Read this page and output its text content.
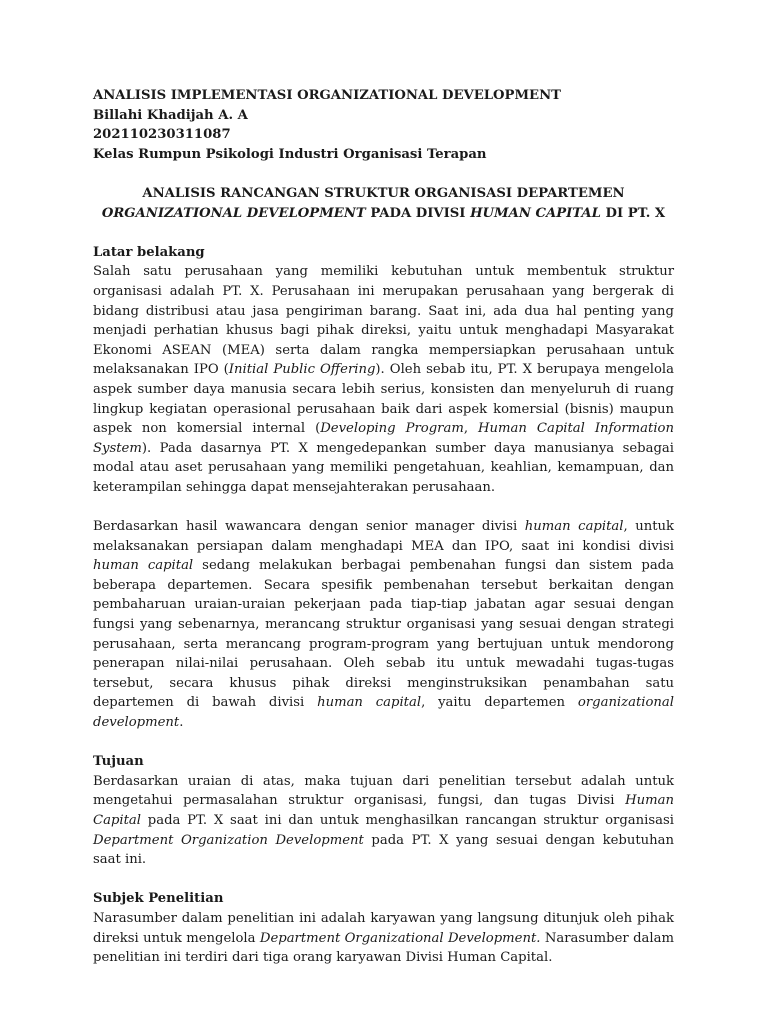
ANALISIS IMPLEMENTASI ORGANIZATIONAL DEVELOPMENT
Billahi Khadijah A. A
202110230311087
Kelas Rumpun Psikologi Industri Organisasi Terapan
ANALISIS RANCANGAN STRUKTUR ORGANISASI DEPARTEMEN ORGANIZATIONAL DEVELOPMENT PADA DIVISI HUMAN CAPITAL DI PT. X
Latar belakang

Salah satu perusahaan yang memiliki kebutuhan untuk membentuk struktur organisasi adalah PT. X. Perusahaan ini merupakan perusahaan yang bergerak di bidang distribusi atau jasa pengiriman barang. Saat ini, ada dua hal penting yang menjadi perhatian khusus bagi pihak direksi, yaitu untuk menghadapi Masyarakat Ekonomi ASEAN (MEA) serta dalam rangka mempersiapkan perusahaan untuk melaksanakan IPO (Initial Public Offering). Oleh sebab itu, PT. X berupaya mengelola aspek sumber daya manusia secara lebih serius, konsisten dan menyeluruh di ruang lingkup kegiatan operasional perusahaan baik dari aspek komersial (bisnis) maupun aspek non komersial internal (Developing Program, Human Capital Information System). Pada dasarnya PT. X mengedepankan sumber daya manusianya sebagai modal atau aset perusahaan yang memiliki pengetahuan, keahlian, kemampuan, dan keterampilan sehingga dapat mensejahterakan perusahaan.

Berdasarkan hasil wawancara dengan senior manager divisi human capital, untuk melaksanakan persiapan dalam menghadapi MEA dan IPO, saat ini kondisi divisi human capital sedang melakukan berbagai pembenahan fungsi dan sistem pada beberapa departemen. Secara spesifik pembenahan tersebut berkaitan dengan pembaharuan uraian-uraian pekerjaan pada tiap-tiap jabatan agar sesuai dengan fungsi yang sebenarnya, merancang struktur organisasi yang sesuai dengan strategi perusahaan, serta merancang program-program yang bertujuan untuk mendorong penerapan nilai-nilai perusahaan. Oleh sebab itu untuk mewadahi tugas-tugas tersebut, secara khusus pihak direksi menginstruksikan penambahan satu departemen di bawah divisi human capital, yaitu departemen organizational development.

Tujuan

Berdasarkan uraian di atas, maka tujuan dari penelitian tersebut adalah untuk mengetahui permasalahan struktur organisasi, fungsi, dan tugas Divisi Human Capital pada PT. X saat ini dan untuk menghasilkan rancangan struktur organisasi Department Organization Development pada PT. X yang sesuai dengan kebutuhan saat ini.

Subjek Penelitian

Narasumber dalam penelitian ini adalah karyawan yang langsung ditunjuk oleh pihak direksi untuk mengelola Department Organizational Development. Narasumber dalam penelitian ini terdiri dari tiga orang karyawan Divisi Human Capital.
